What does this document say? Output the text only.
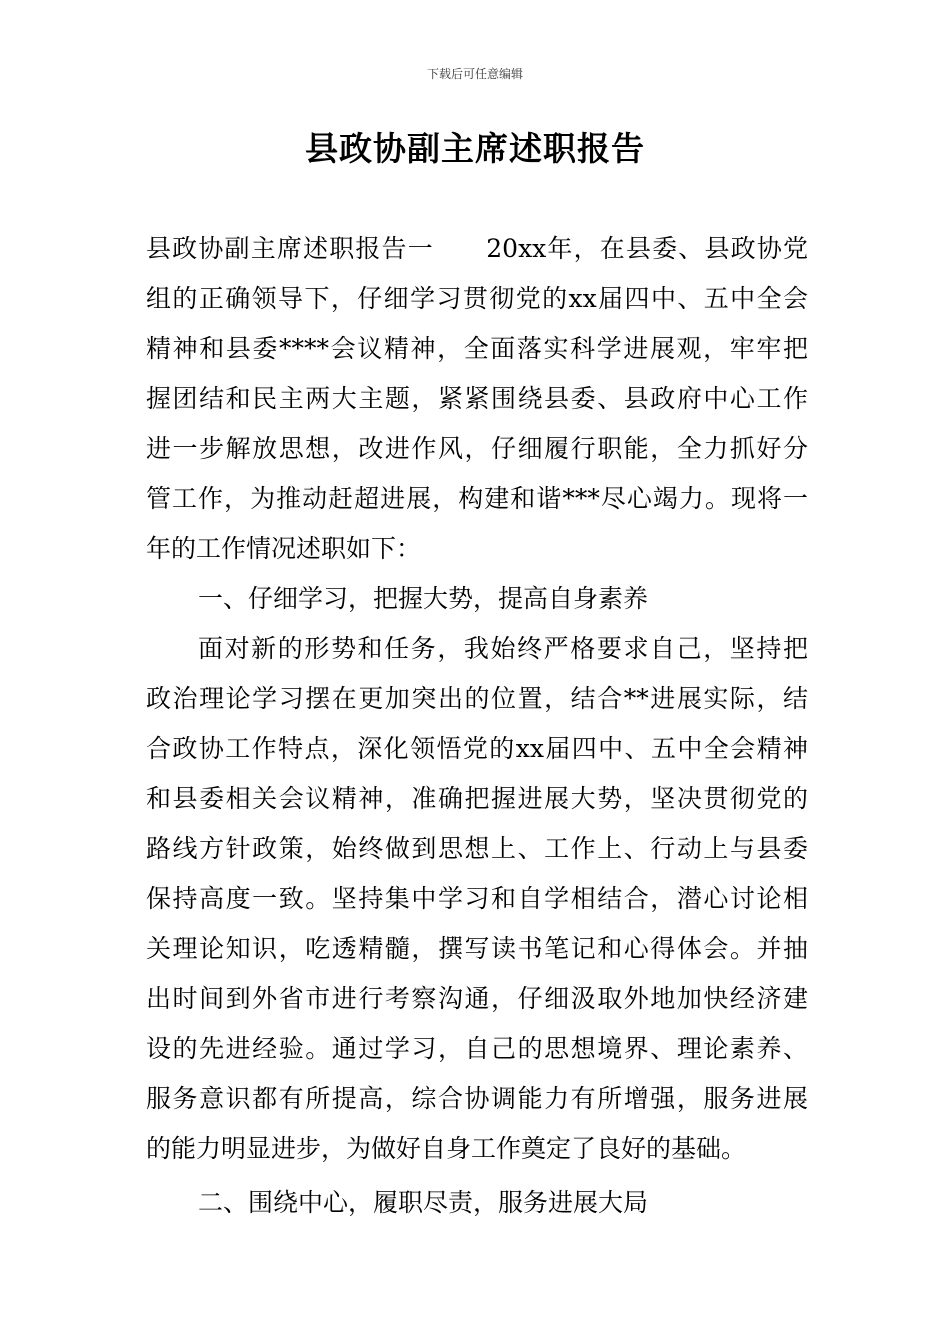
下载后可任意编辑
县政协副主席述职报告
县政协副主席述职报告一　　20xx年，在县委、县政协党
组的正确领导下，仔细学习贯彻党的xx届四中、五中全会
精神和县委****会议精神，全面落实科学进展观，牢牢把
握团结和民主两大主题，紧紧围绕县委、县政府中心工作
进一步解放思想，改进作风，仔细履行职能，全力抓好分
管工作，为推动赶超进展，构建和谐***尽心竭力。现将一
年的工作情况述职如下：
一、仔细学习，把握大势，提高自身素养
面对新的形势和任务，我始终严格要求自己，坚持把
政治理论学习摆在更加突出的位置，结合**进展实际，结
合政协工作特点，深化领悟党的xx届四中、五中全会精神
和县委相关会议精神，准确把握进展大势，坚决贯彻党的
路线方针政策，始终做到思想上、工作上、行动上与县委
保持高度一致。坚持集中学习和自学相结合，潜心讨论相
关理论知识，吃透精髓，撰写读书笔记和心得体会。并抽
出时间到外省市进行考察沟通，仔细汲取外地加快经济建
设的先进经验。通过学习，自己的思想境界、理论素养、
服务意识都有所提高，综合协调能力有所增强，服务进展
的能力明显进步，为做好自身工作奠定了良好的基础。
二、围绕中心，履职尽责，服务进展大局
